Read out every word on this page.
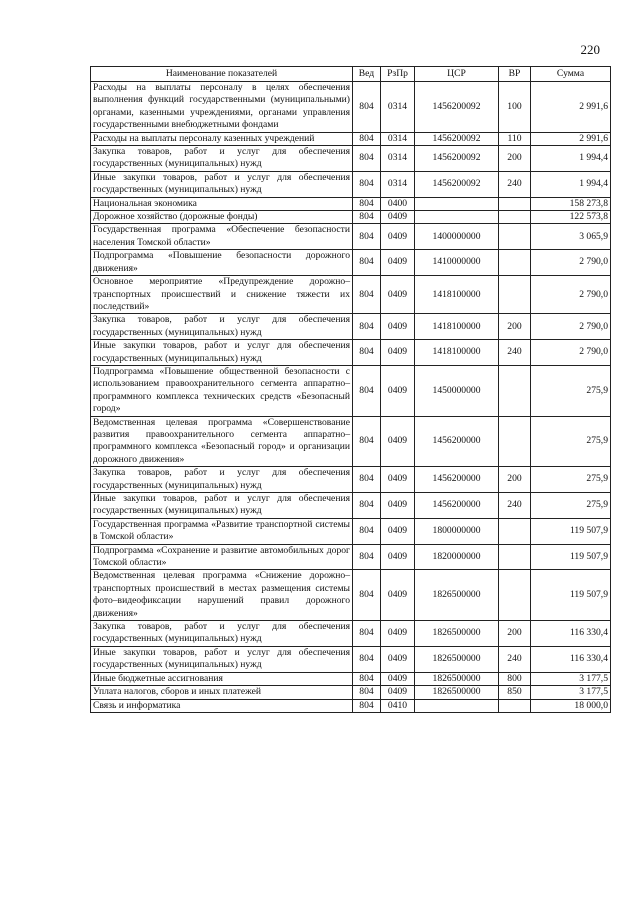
220
Наименование показателей	Вед	РзПр	ЦСР	ВР	Сумма
Расходы на выплаты персоналу в целях обеспечения выполнения функций государственными (муниципальными) органами, казенными учреждениями, органами управления государственными внебюджетными фондами	804	0314	1456200092	100	2 991,6
Расходы на выплаты персоналу казенных учреждений	804	0314	1456200092	110	2 991,6
Закупка товаров, работ и услуг для обеспечения государственных (муниципальных) нужд	804	0314	1456200092	200	1 994,4
Иные закупки товаров, работ и услуг для обеспечения государственных (муниципальных) нужд	804	0314	1456200092	240	1 994,4
Национальная экономика	804	0400			158 273,8
Дорожное хозяйство (дорожные фонды)	804	0409			122 573,8
Государственная программа «Обеспечение безопасности населения Томской области»	804	0409	1400000000		3 065,9
Подпрограмма «Повышение безопасности дорожного движения»	804	0409	1410000000		2 790,0
Основное мероприятие «Предупреждение дорожно–транспортных происшествий и снижение тяжести их последствий»	804	0409	1418100000		2 790,0
Закупка товаров, работ и услуг для обеспечения государственных (муниципальных) нужд	804	0409	1418100000	200	2 790,0
Иные закупки товаров, работ и услуг для обеспечения государственных (муниципальных) нужд	804	0409	1418100000	240	2 790,0
Подпрограмма «Повышение общественной безопасности с использованием правоохранительного сегмента аппаратно–программного комплекса технических средств «Безопасный город»	804	0409	1450000000		275,9
Ведомственная целевая программа «Совершенствование развития правоохранительного сегмента аппаратно–программного комплекса «Безопасный город» и организации дорожного движения»	804	0409	1456200000		275,9
Закупка товаров, работ и услуг для обеспечения государственных (муниципальных) нужд	804	0409	1456200000	200	275,9
Иные закупки товаров, работ и услуг для обеспечения государственных (муниципальных) нужд	804	0409	1456200000	240	275,9
Государственная программа «Развитие транспортной системы в Томской области»	804	0409	1800000000		119 507,9
Подпрограмма «Сохранение и развитие автомобильных дорог Томской области»	804	0409	1820000000		119 507,9
Ведомственная целевая программа «Снижение дорожно–транспортных происшествий в местах размещения системы фото–видеофиксации нарушений правил дорожного движения»	804	0409	1826500000		119 507,9
Закупка товаров, работ и услуг для обеспечения государственных (муниципальных) нужд	804	0409	1826500000	200	116 330,4
Иные закупки товаров, работ и услуг для обеспечения государственных (муниципальных) нужд	804	0409	1826500000	240	116 330,4
Иные бюджетные ассигнования	804	0409	1826500000	800	3 177,5
Уплата налогов, сборов и иных платежей	804	0409	1826500000	850	3 177,5
Связь и информатика	804	0410			18 000,0
